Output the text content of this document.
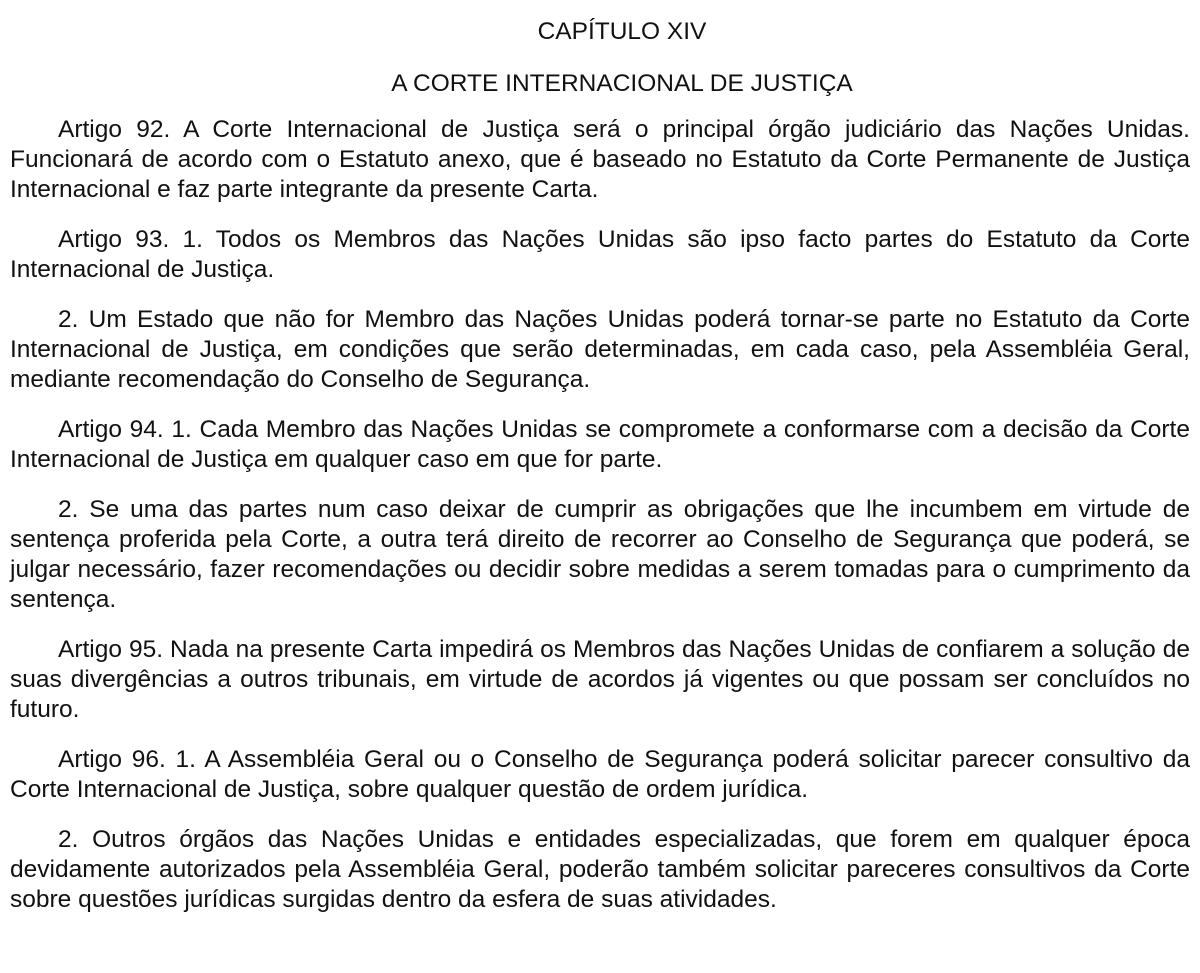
CAPÍTULO XIV
A CORTE INTERNACIONAL DE JUSTIÇA

Artigo 92. A Corte Internacional de Justiça será o principal órgão judiciário das Nações Unidas. Funcionará de acordo com o Estatuto anexo, que é baseado no Estatuto da Corte Permanente de Justiça Internacional e faz parte integrante da presente Carta.

Artigo 93. 1. Todos os Membros das Nações Unidas são ipso facto partes do Estatuto da Corte Internacional de Justiça.

2. Um Estado que não for Membro das Nações Unidas poderá tornar-se parte no Estatuto da Corte Internacional de Justiça, em condições que serão determinadas, em cada caso, pela Assembléia Geral, mediante recomendação do Conselho de Segurança.

Artigo 94. 1. Cada Membro das Nações Unidas se compromete a conformarse com a decisão da Corte Internacional de Justiça em qualquer caso em que for parte.

2. Se uma das partes num caso deixar de cumprir as obrigações que lhe incumbem em virtude de sentença proferida pela Corte, a outra terá direito de recorrer ao Conselho de Segurança que poderá, se julgar necessário, fazer recomendações ou decidir sobre medidas a serem tomadas para o cumprimento da sentença.

Artigo 95. Nada na presente Carta impedirá os Membros das Nações Unidas de confiarem a solução de suas divergências a outros tribunais, em virtude de acordos já vigentes ou que possam ser concluídos no futuro.

Artigo 96. 1. A Assembléia Geral ou o Conselho de Segurança poderá solicitar parecer consultivo da Corte Internacional de Justiça, sobre qualquer questão de ordem jurídica.

2. Outros órgãos das Nações Unidas e entidades especializadas, que forem em qualquer época devidamente autorizados pela Assembléia Geral, poderão também solicitar pareceres consultivos da Corte sobre questões jurídicas surgidas dentro da esfera de suas atividades.
